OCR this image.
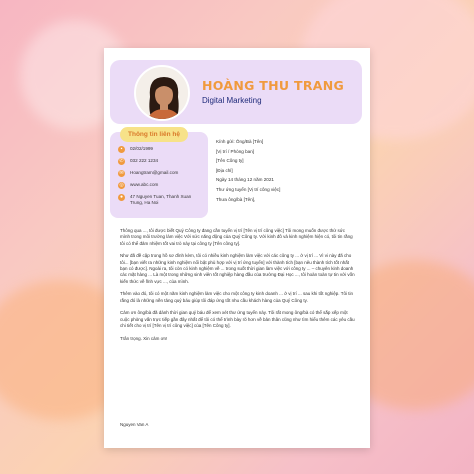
HOÀNG THU TRANG
Digital Marketing
Thông tin liên hệ
▪	02/02/1999
✆	032 222 1234
✉	Hoangtram@gmail.com
◎ www.abc.com
●	47 Nguyen Tuan, Thanh Xuan Trung, Ha Noi
Kính gửi: Ông/Bà [Tên]
[Vị trí / Phòng ban]
[Tên Công ty]
[Địa chỉ]
Ngày 14 tháng 12 năm 2021
Thư ứng tuyển [Vị trí công việc]
Thưa ông/bà [Tên],

Thông qua ..., tôi được biết Quý Công ty đang cần tuyển vị trí [Tên vị trí công việc] Tôi mong muốn được thử sức mình trong môi trường làm việc Với sức năng động của Quý Công ty. Với kinh đô và kinh nghiệm hiện có, tôi tin rằng tôi có thể đảm nhiệm tốt vai trò này tại công ty [Tên công ty].

Như đã đề cập trong hồ sơ đính kèm, tôi có nhiều kinh nghiệm làm việc với các công ty ... ở vị trí ... Vì vi này đã cho tôi... [bạn viết ra những kinh nghiệm nổi bật phù hợp với vị trí ứng tuyển] với thành tích [bạn nêu thành tích tốt nhất bạn có được]. Ngoài ra, tôi còn có kinh nghiệm về ... trong suốt thời gian làm việc với công ty ... – chuyên kinh doanh các mặt hàng ... Là một trong những sinh viên tốt nghiệp hàng đầu của trường Đại Học ..., tôi hoàn toàn tự tin với vốn kiến thức về lĩnh vực ..., của mình.

Thêm vào đó, tôi có một năm kinh nghiệm làm việc cho một công ty kinh doanh ... ở vị trí ... sau khi tốt nghiệp. Tôi tin rằng đó là những nền tảng quý báu giúp tôi đáp ứng tốt nhu cầu khách hàng của Quý Công ty.

Cảm ơn ông/bà đã dành thời gian quý báu để xem xét thư ứng tuyển này. Tôi rất mong ông/bà có thể sắp xếp một cuộc phỏng vấn trực tiếp gần đây nhất để tôi có thể trình bày rõ hơn về bản thân cũng như tìm hiểu thêm các yêu cầu chi tiết cho vị trí [Tên vị trí công việc] của [Tên Công ty].

Trân trọng. Xin cảm ơn!

Nguyen Van A
